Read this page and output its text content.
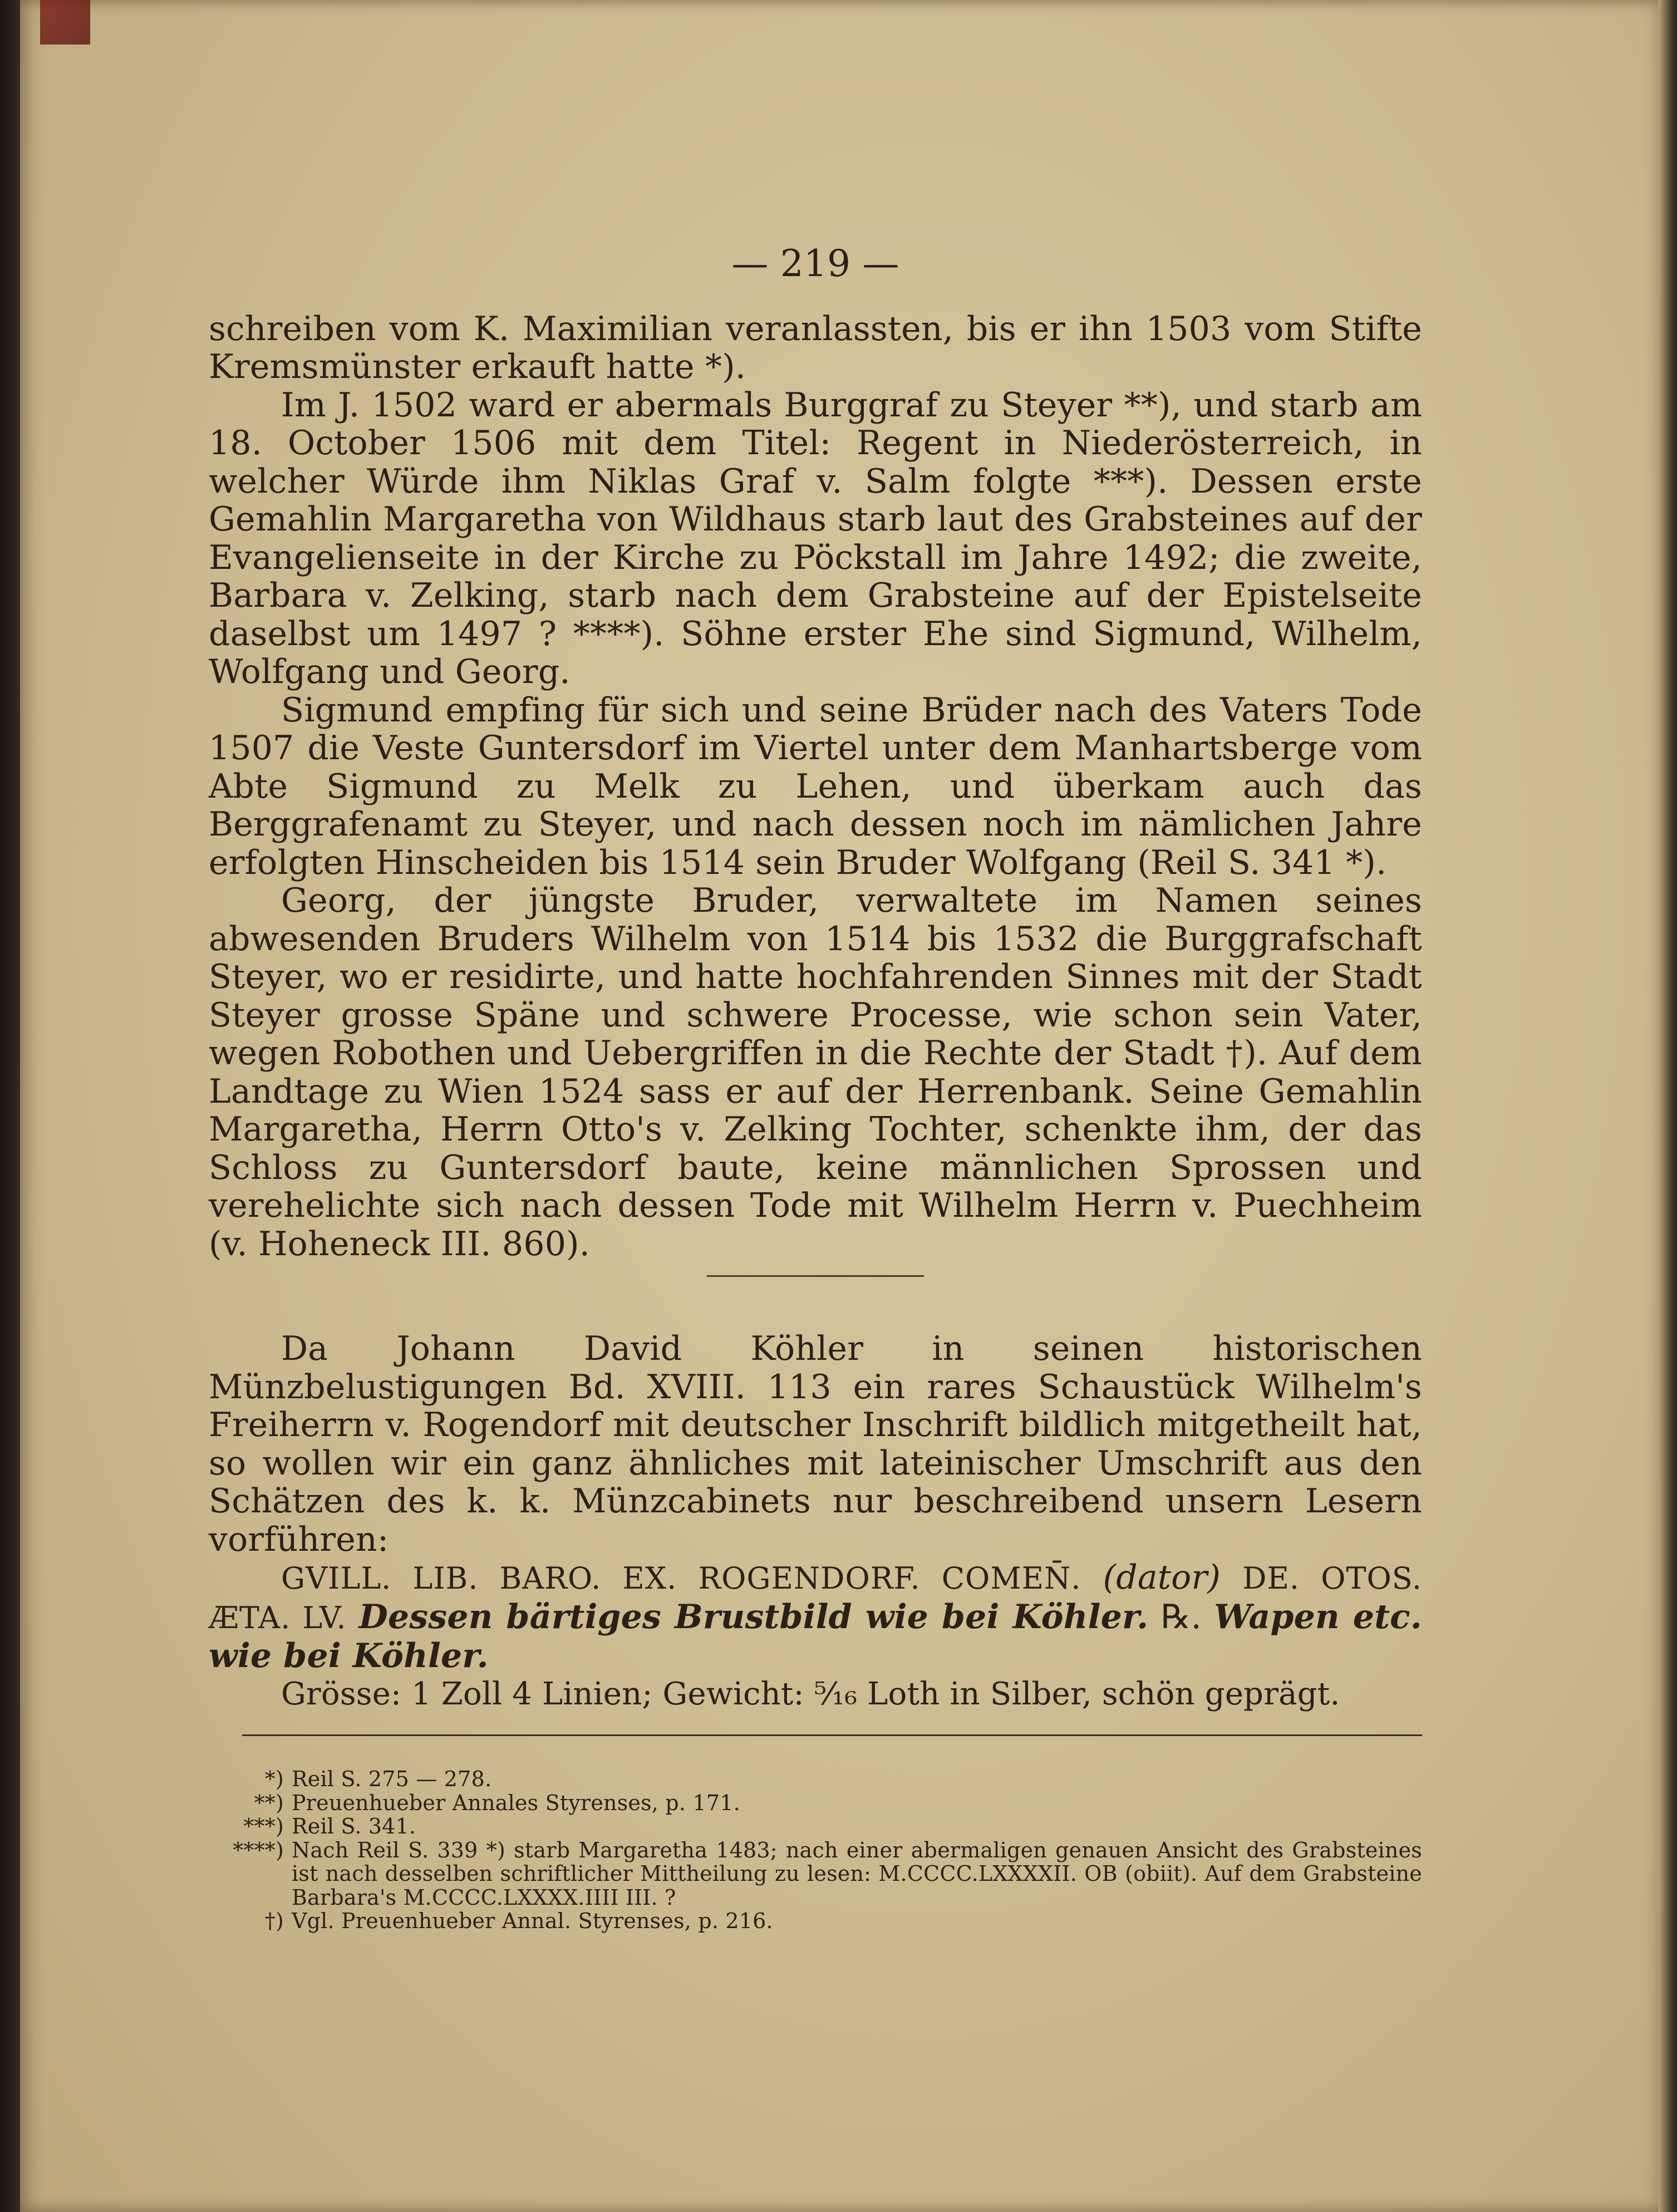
— 219 —

schreiben vom K. Maximilian veranlassten, bis er ihn 1503 vom Stifte Kremsmünster erkauft hatte *).

Im J. 1502 ward er abermals Burggraf zu Steyer **), und starb am 18. October 1506 mit dem Titel: Regent in Niederösterreich, in welcher Würde ihm Niklas Graf v. Salm folgte ***). Dessen erste Gemahlin Margaretha von Wildhaus starb laut des Grabsteines auf der Evangelienseite in der Kirche zu Pöckstall im Jahre 1492; die zweite, Barbara v. Zelking, starb nach dem Grabsteine auf der Epistelseite daselbst um 1497 ? ****). Söhne erster Ehe sind Sigmund, Wilhelm, Wolfgang und Georg.

Sigmund empfing für sich und seine Brüder nach des Vaters Tode 1507 die Veste Guntersdorf im Viertel unter dem Manhartsberge vom Abte Sigmund zu Melk zu Lehen, und überkam auch das Berggrafenamt zu Steyer, und nach dessen noch im nämlichen Jahre erfolgten Hinscheiden bis 1514 sein Bruder Wolfgang (Reil S. 341 *).

Georg, der jüngste Bruder, verwaltete im Namen seines abwesenden Bruders Wilhelm von 1514 bis 1532 die Burggrafschaft Steyer, wo er residirte, und hatte hochfahrenden Sinnes mit der Stadt Steyer grosse Späne und schwere Processe, wie schon sein Vater, wegen Robothen und Uebergriffen in die Rechte der Stadt †). Auf dem Landtage zu Wien 1524 sass er auf der Herrenbank. Seine Gemahlin Margaretha, Herrn Otto's v. Zelking Tochter, schenkte ihm, der das Schloss zu Guntersdorf baute, keine männlichen Sprossen und verehelichte sich nach dessen Tode mit Wilhelm Herrn v. Puechheim (v. Hoheneck III. 860).

Da Johann David Köhler in seinen historischen Münzbelustigungen Bd. XVIII. 113 ein rares Schaustück Wilhelm's Freiherrn v. Rogendorf mit deutscher Inschrift bildlich mitgetheilt hat, so wollen wir ein ganz ähnliches mit lateinischer Umschrift aus den Schätzen des k. k. Münzcabinets nur beschreibend unsern Lesern vorführen:

GVILL. LIB. BARO. EX. ROGENDORF. COMEN̄. (dator) DE. OTOS. ÆTA. LV. Dessen bärtiges Brustbild wie bei Köhler. ℞. Wapen etc. wie bei Köhler.

Grösse: 1 Zoll 4 Linien; Gewicht: ⁵⁄₁₆ Loth in Silber, schön geprägt.

*) Reil S. 275 — 278.
**) Preuenhueber Annales Styrenses, p. 171.
***) Reil S. 341.
****) Nach Reil S. 339 *) starb Margaretha 1483; nach einer abermaligen genauen Ansicht des Grabsteines ist nach desselben schriftlicher Mittheilung zu lesen: M.CCCC.LXXXXII. OB (obiit). Auf dem Grabsteine Barbara's M.CCCC.LXXXX.IIII III. ?
†) Vgl. Preuenhueber Annal. Styrenses, p. 216.
